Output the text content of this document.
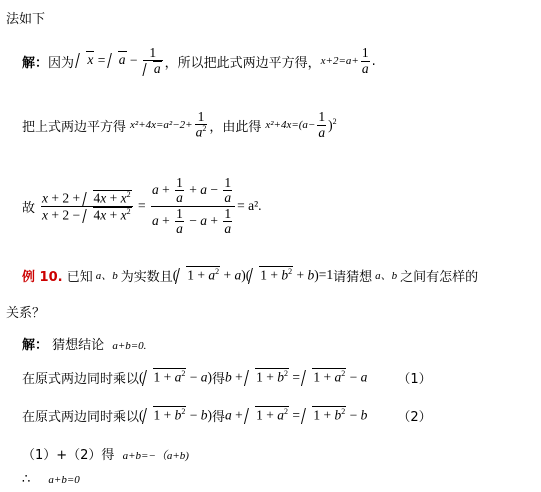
法如下
解： 因为 $x = a - \frac{1}{a}$ ，所以把此式两边平方得， $x+2=a+ \frac{1}{a}$ .
把上式两边平方得 $x^2+4x=a^2-2+ \frac{1}{a^2}$ ，由此得 $x^2+4x=(a- \frac{1}{a} )^2$
故 $\frac{x + 2 + 4x + x^2}{x + 2 - 4x + x^2} = \frac{a + \frac{1}{a} + a - \frac{1}{a}}{a + \frac{1}{a} - a + \frac{1}{a}} = a^2$.
例 10.
已知 a、b 为实数且 ( $1 + a^2 + a$)( $1 + b^2 + b) =1$ 请猜想 a、b 之间有怎样的
关系？
解： 猜想结论 a+b=0.
在原式两边同时乘以 ( $1 + a^2 - a$) 得 $b + 1 + b^2 = 1 + a^2 - a$ （1）
在原式两边同时乘以 ( $1 + b^2 - b$) 得 $a + 1 + a^2 = 1 + b^2 - b$ （2）
（1）+（2）得 a+b=−（a+b)
∴ a+b=0
